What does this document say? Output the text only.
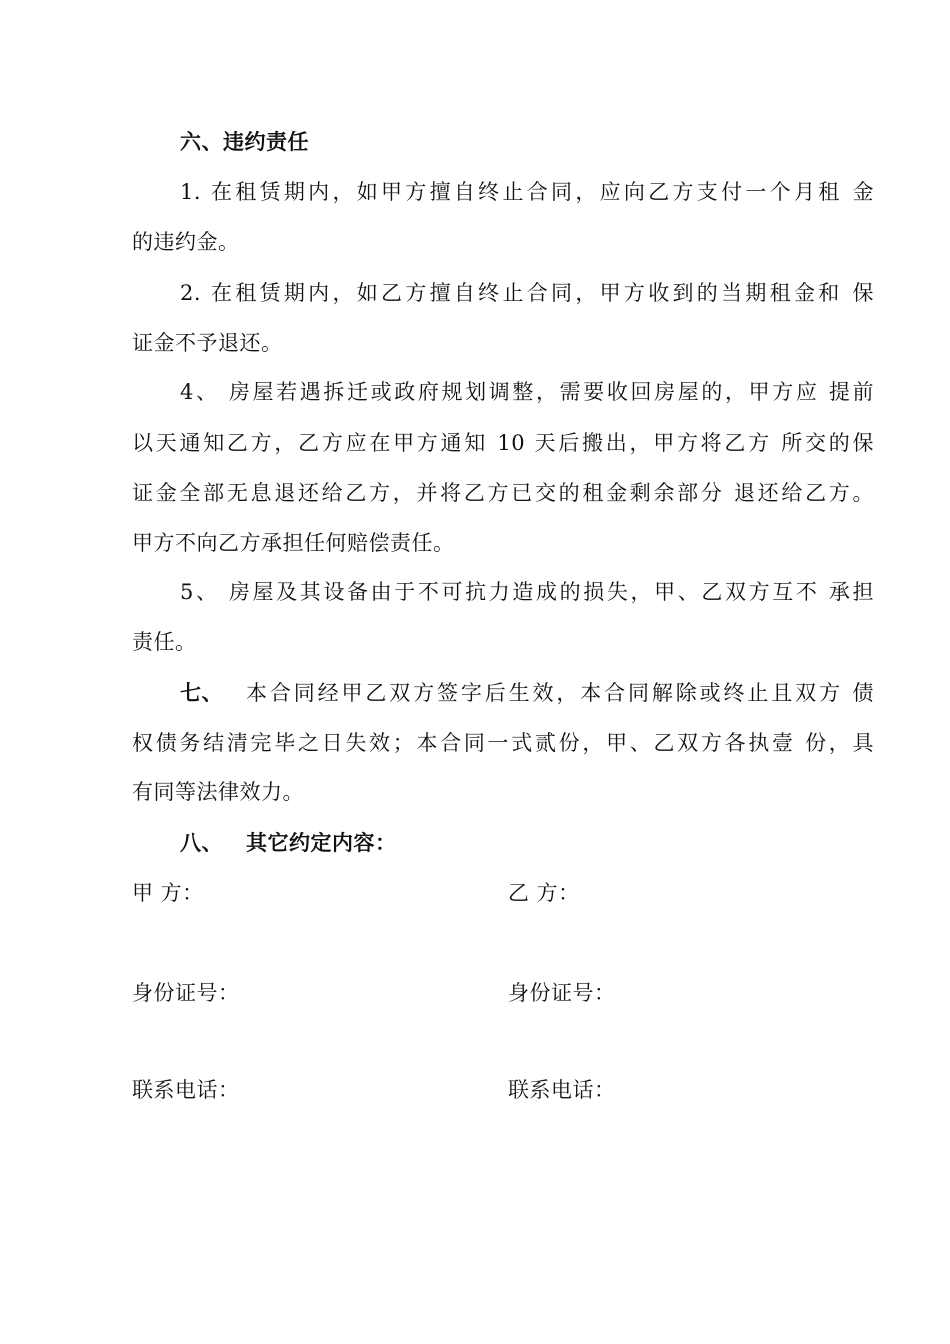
六、违约责任
1. 在租赁期内，如甲方擅自终止合同，应向乙方支付一个月租 金
的违约金。
2. 在租赁期内，如乙方擅自终止合同，甲方收到的当期租金和 保
证金不予退还。
4、 房屋若遇拆迁或政府规划调整，需要收回房屋的，甲方应 提前
以天通知乙方，乙方应在甲方通知 10 天后搬出，甲方将乙方 所交的保
证金全部无息退还给乙方，并将乙方已交的租金剩余部分 退还给乙方。
甲方不向乙方承担任何赔偿责任。
5、 房屋及其设备由于不可抗力造成的损失，甲、乙双方互不 承担
责任。
七、 本合同经甲乙双方签字后生效，本合同解除或终止且双方 债
权债务结清完毕之日失效；本合同一式贰份，甲、乙双方各执壹 份，具
有同等法律效力。
八、 其它约定内容：
甲 方：	乙 方：
身份证号：	身份证号：
联系电话：	联系电话：
